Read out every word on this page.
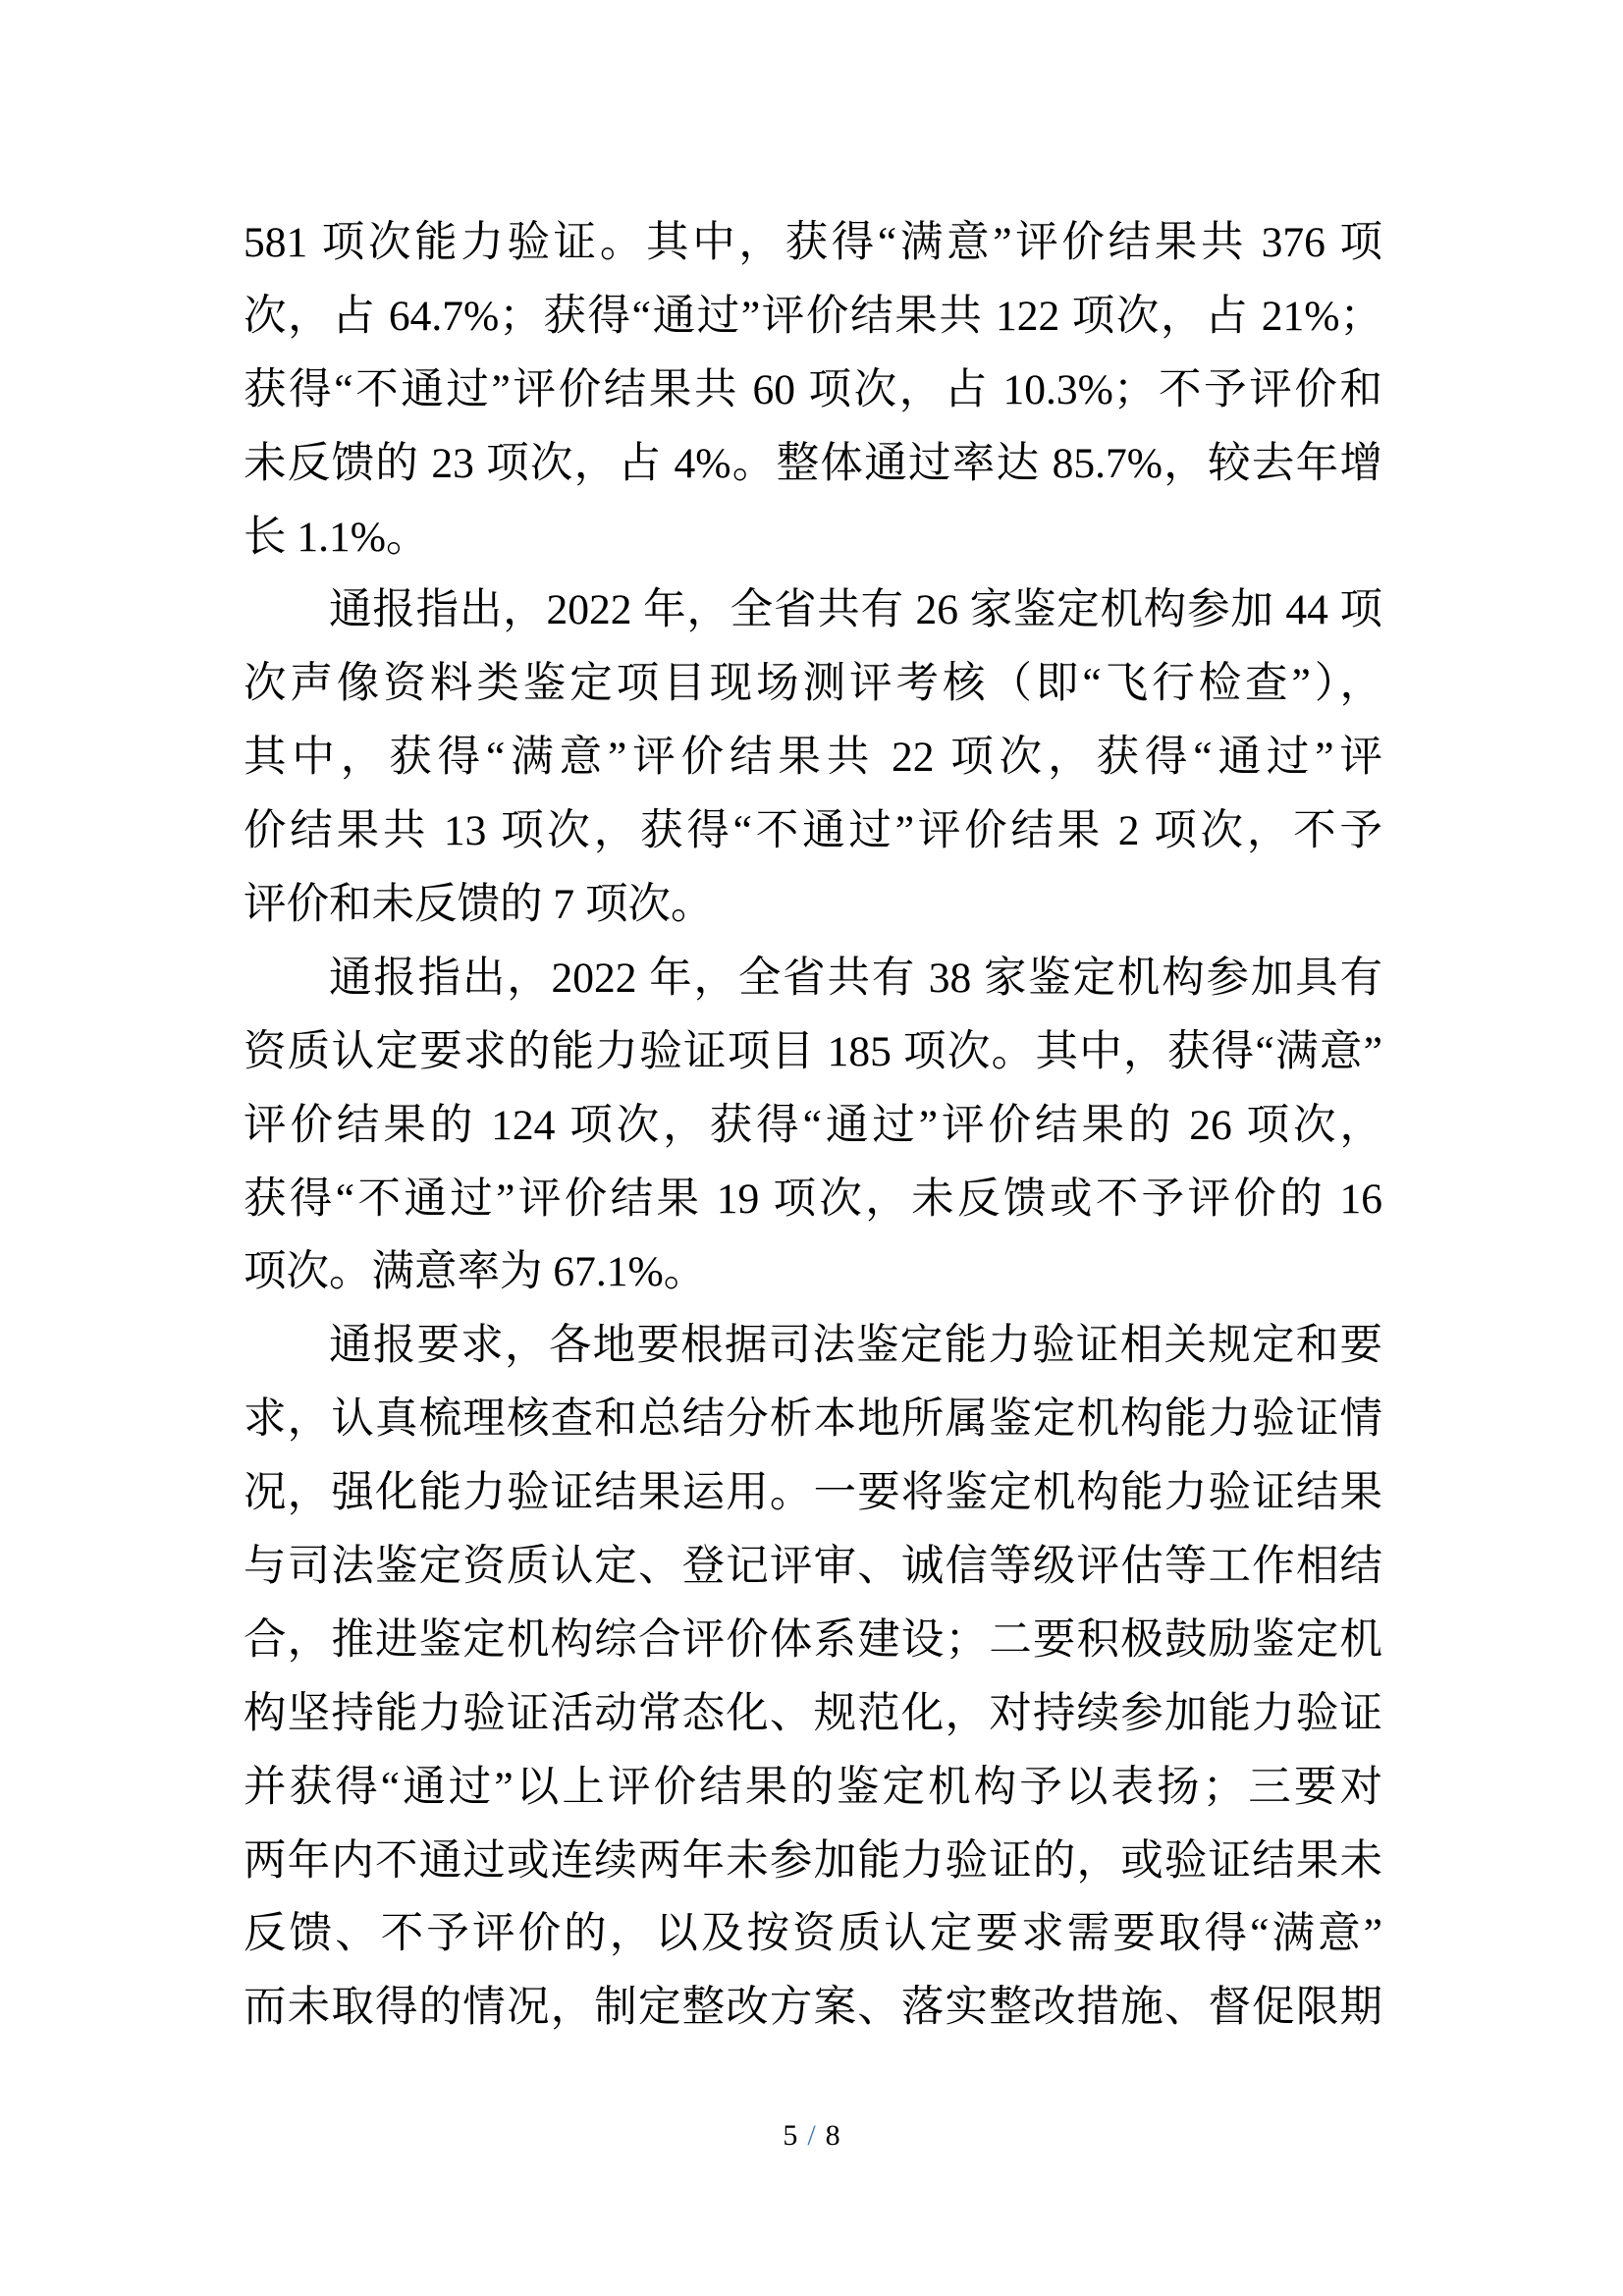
581 项次能力验证。其中，获得“满意”评价结果共 376 项
次，占 64.7%；获得“通过”评价结果共 122 项次，占 21%；
获得“不通过”评价结果共 60 项次，占 10.3%；不予评价和
未反馈的 23 项次，占 4%。整体通过率达 85.7%，较去年增
长 1.1%。
通报指出，2022 年，全省共有 26 家鉴定机构参加 44 项
次声像资料类鉴定项目现场测评考核（即“飞行检查”），
其中，获得“满意”评价结果共 22 项次，获得“通过”评
价结果共 13 项次，获得“不通过”评价结果 2 项次，不予
评价和未反馈的 7 项次。
通报指出，2022 年，全省共有 38 家鉴定机构参加具有
资质认定要求的能力验证项目 185 项次。其中，获得“满意”
评价结果的 124 项次，获得“通过”评价结果的 26 项次，
获得“不通过”评价结果 19 项次，未反馈或不予评价的 16
项次。满意率为 67.1%。
通报要求，各地要根据司法鉴定能力验证相关规定和要
求，认真梳理核查和总结分析本地所属鉴定机构能力验证情
况，强化能力验证结果运用。一要将鉴定机构能力验证结果
与司法鉴定资质认定、登记评审、诚信等级评估等工作相结
合，推进鉴定机构综合评价体系建设；二要积极鼓励鉴定机
构坚持能力验证活动常态化、规范化，对持续参加能力验证
并获得“通过”以上评价结果的鉴定机构予以表扬；三要对
两年内不通过或连续两年未参加能力验证的，或验证结果未
反馈、不予评价的，以及按资质认定要求需要取得“满意”
而未取得的情况，制定整改方案、落实整改措施、督促限期
5 / 8
